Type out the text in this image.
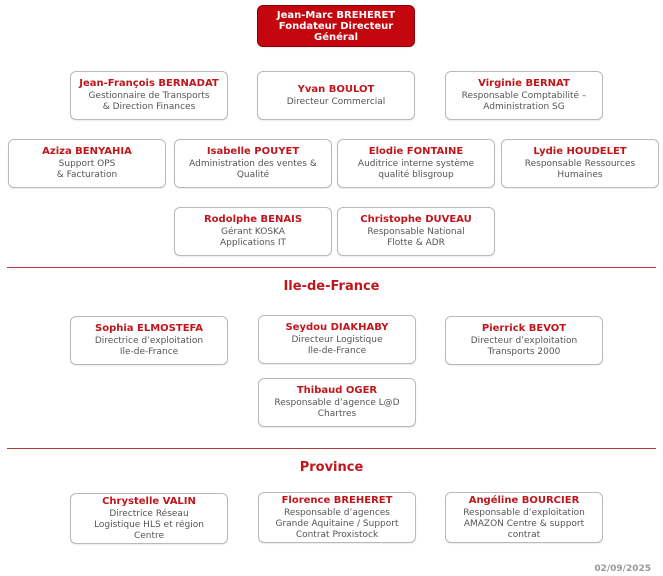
Jean-Marc BREHERET
Fondateur Directeur
Général
Jean-François BERNADAT
Gestionnaire de Transports
& Direction Finances
Yvan BOULOT
Directeur Commercial
Virginie BERNAT
Responsable Comptabilité –
Administration SG
Aziza BENYAHIA
Support OPS
& Facturation
Isabelle POUYET
Administration des ventes &
Qualité
Elodie FONTAINE
Auditrice interne système
qualité blisgroup
Lydie HOUDELET
Responsable Ressources
Humaines
Rodolphe BENAIS
Gérant KOSKA
Applications IT
Christophe DUVEAU
Responsable National
Flotte & ADR
Ile-de-France
Sophia ELMOSTEFA
Directrice d’exploitation
Ile-de-France
Seydou DIAKHABY
Directeur Logistique
Ile-de-France
Pierrick BEVOT
Directeur d’exploitation
Transports 2000
Thibaud OGER
Responsable d’agence L@D
Chartres
Province
Chrystelle VALIN
Directrice Réseau
Logistique HLS et région
Centre
Florence BREHERET
Responsable d’agences
Grande Aquitaine / Support
Contrat Proxistock
Angéline BOURCIER
Responsable d’exploitation
AMAZON Centre & support
contrat
02/09/2025
